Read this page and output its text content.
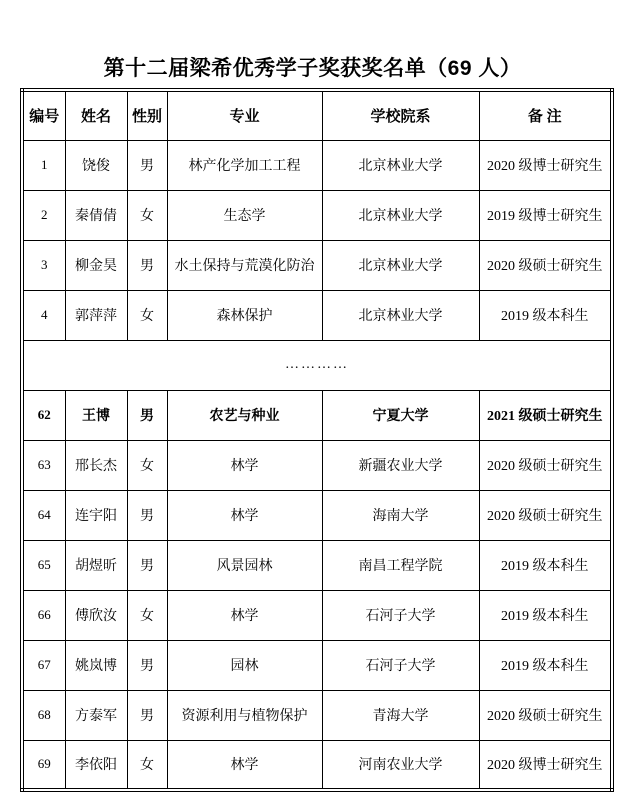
第十二届梁希优秀学子奖获奖名单（69 人）
编号	姓名	性别	专业	学校院系	备 注
1	饶俊	男	林产化学加工工程	北京林业大学	2020 级博士研究生
2	秦倩倩	女	生态学	北京林业大学	2019 级博士研究生
3	柳金昊	男	水土保持与荒漠化防治	北京林业大学	2020 级硕士研究生
4	郭萍萍	女	森林保护	北京林业大学	2019 级本科生
…………					
62	王博	男	农艺与种业	宁夏大学	2021 级硕士研究生
63	邢长杰	女	林学	新疆农业大学	2020 级硕士研究生
64	连宇阳	男	林学	海南大学	2020 级硕士研究生
65	胡煜昕	男	风景园林	南昌工程学院	2019 级本科生
66	傅欣汝	女	林学	石河子大学	2019 级本科生
67	姚岚博	男	园林	石河子大学	2019 级本科生
68	方泰军	男	资源利用与植物保护	青海大学	2020 级硕士研究生
69	李依阳	女	林学	河南农业大学	2020 级博士研究生
